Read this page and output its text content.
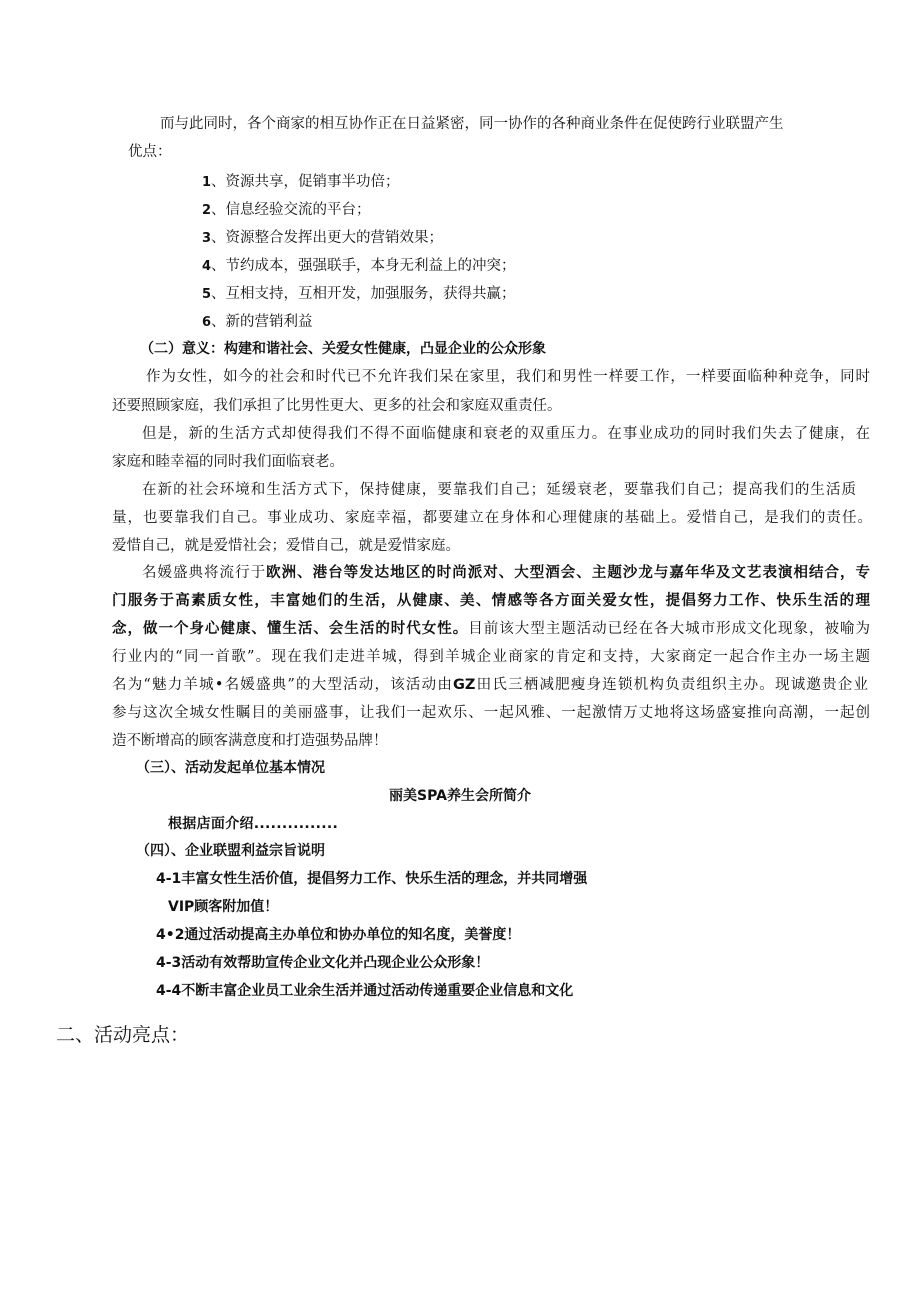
而与此同时，各个商家的相互协作正在日益紧密，同一协作的各种商业条件在促使跨行业联盟产生
优点：
1、资源共享，促销事半功倍；
2、信息经验交流的平台；
3、资源整合发挥出更大的营销效果；
4、节约成本，强强联手，本身无利益上的冲突；
5、互相支持，互相开发，加强服务，获得共赢；
6、新的营销利益
（二）意义：构建和谐社会、关爱女性健康，凸显企业的公众形象
作为女性，如今的社会和时代已不允许我们呆在家里，我们和男性一样要工作，一样要面临种种竞争，同时
还要照顾家庭，我们承担了比男性更大、更多的社会和家庭双重责任。
但是，新的生活方式却使得我们不得不面临健康和衰老的双重压力。在事业成功的同时我们失去了健康，在
家庭和睦幸福的同时我们面临衰老。
在新的社会环境和生活方式下，保持健康，要靠我们自己；延缓衰老，要靠我们自己；提高我们的生活质
量，也要靠我们自己。事业成功、家庭幸福，都要建立在身体和心理健康的基础上。爱惜自己，是我们的责任。
爱惜自己，就是爱惜社会；爱惜自己，就是爱惜家庭。
名媛盛典将流行于欧洲、港台等发达地区的时尚派对、大型酒会、主题沙龙与嘉年华及文艺表演相结合，专
门服务于高素质女性，丰富她们的生活，从健康、美、情感等各方面关爱女性，提倡努力工作、快乐生活的理
念，做一个身心健康、懂生活、会生活的时代女性。目前该大型主题活动已经在各大城市形成文化现象，被喻为
行业内的“同一首歌”。现在我们走进羊城，得到羊城企业商家的肯定和支持，大家商定一起合作主办一场主题
名为“魅力羊城•名媛盛典”的大型活动，该活动由GZ田氏三栖减肥瘦身连锁机构负责组织主办。现诚邀贵企业
参与这次全城女性瞩目的美丽盛事，让我们一起欢乐、一起风雅、一起激情万丈地将这场盛宴推向高潮，一起创
造不断增高的顾客满意度和打造强势品牌！
（三）、活动发起单位基本情况
丽美SPA养生会所简介
根据店面介绍...............
（四）、企业联盟利益宗旨说明
4-1丰富女性生活价值，提倡努力工作、快乐生活的理念，并共同增强
VIP顾客附加值！
4•2通过活动提高主办单位和协办单位的知名度，美誉度！
4-3活动有效帮助宣传企业文化并凸现企业公众形象！
4-4不断丰富企业员工业余生活并通过活动传递重要企业信息和文化
二、活动亮点：
